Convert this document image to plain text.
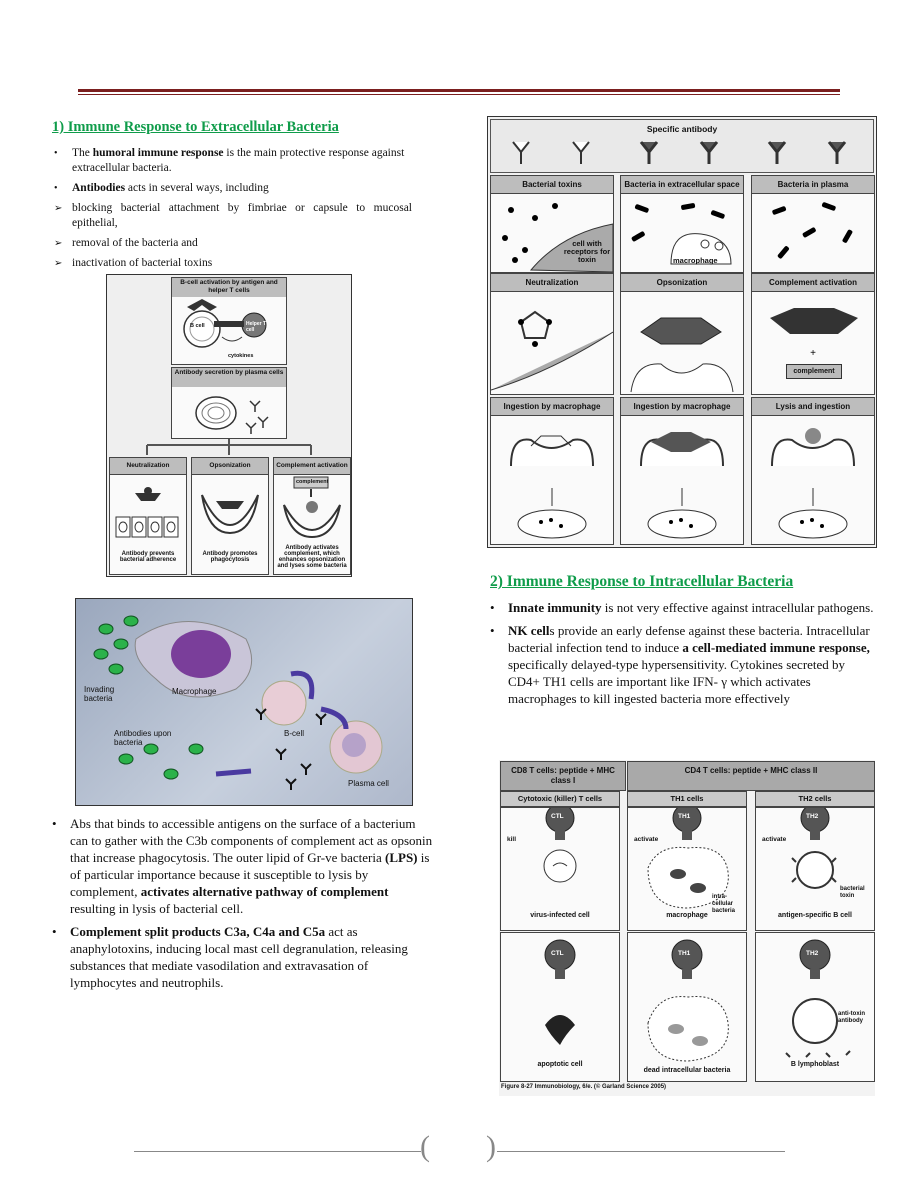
1) Immune Response to Extracellular Bacteria
• The humoral immune response is the main protective response against extracellular bacteria.
• Antibodies acts in several ways, including
➢ blocking bacterial attachment by fimbriae or capsule to mucosal epithelial,
➢ removal of the bacteria and
➢ inactivation of bacterial toxins
B-cell activation by antigen and helper T cells
B cell	Helper T cell
cytokines
Antibody secretion by plasma cells
Neutralization
Antibody prevents bacterial adherence
Opsonization
Antibody promotes phagocytosis
Complement activation
complement
Antibody activates complement, which enhances opsonization and lyses some bacteria
Invading bacteria
Macrophage
B-cell
Antibodies upon bacteria
Plasma cell
• Abs that binds to accessible antigens on the surface of a bacterium can to gather with the C3b components of complement act as opsonin that increase phagocytosis. The outer lipid of Gr-ve bacteria (LPS) is of particular importance because it susceptible to lysis by complement, activates alternative pathway of complement resulting in lysis of bacterial cell.
• Complement split products C3a, C4a and C5a act as anaphylotoxins, inducing local mast cell degranulation, releasing substances that mediate vasodilation and extravasation of lymphocytes and neutrophils.
Specific antibody
Bacterial toxins
cell with receptors for toxin
Bacteria in extracellular space
macrophage
Bacteria in plasma
Neutralization	Opsonization	Complement activation
+
complement
Ingestion by macrophage	Ingestion by macrophage	Lysis and ingestion
2) Immune Response to Intracellular Bacteria
• Innate immunity is not very effective against intracellular pathogens.
• NK cells provide an early defense against these bacteria. Intracellular bacterial infection tend to induce a cell-mediated immune response, specifically delayed-type hypersensitivity. Cytokines secreted by CD4+ TH1 cells are important like IFN- γ which activates macrophages to kill ingested bacteria more effectively
CD8 T cells: peptide + MHC class I
CD4 T cells: peptide + MHC class II
Cytotoxic (killer) T cells
CTL
kill
virus-infected cell
CTL
apoptotic cell
TH1 cells
TH1
activate
macrophage
intra-cellular bacteria
TH1
dead intracellular bacteria
TH2 cells
TH2
activate
antigen-specific B cell
bacterial toxin
TH2
B lymphoblast
anti-toxin antibody
Figure 8-27 Immunobiology, 6/e. (© Garland Science 2005)
( )
